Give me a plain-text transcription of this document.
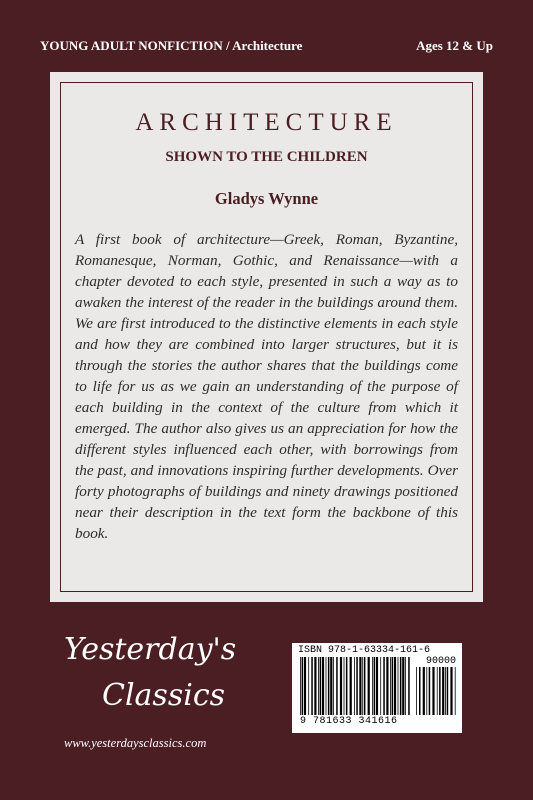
YOUNG ADULT NONFICTION / Architecture	Ages 12 & Up
ARCHITECTURE
SHOWN TO THE CHILDREN
Gladys Wynne
A first book of architecture—Greek, Roman, Byzantine, Romanesque, Norman, Gothic, and Renaissance—with a chapter devoted to each style, presented in such a way as to awaken the interest of the reader in the buildings around them. We are first introduced to the distinctive elements in each style and how they are combined into larger structures, but it is through the stories the author shares that the buildings come to life for us as we gain an understanding of the purpose of each building in the context of the culture from which it emerged. The author also gives us an appreciation for how the different styles influenced each other, with borrowings from the past, and innovations inspiring further developments. Over forty photographs of buildings and ninety drawings positioned near their description in the text form the backbone of this book.
Yesterday's
Classics
www.yesterdaysclassics.com
ISBN 978-1-63334-161-6
90000
9 781633 341616
